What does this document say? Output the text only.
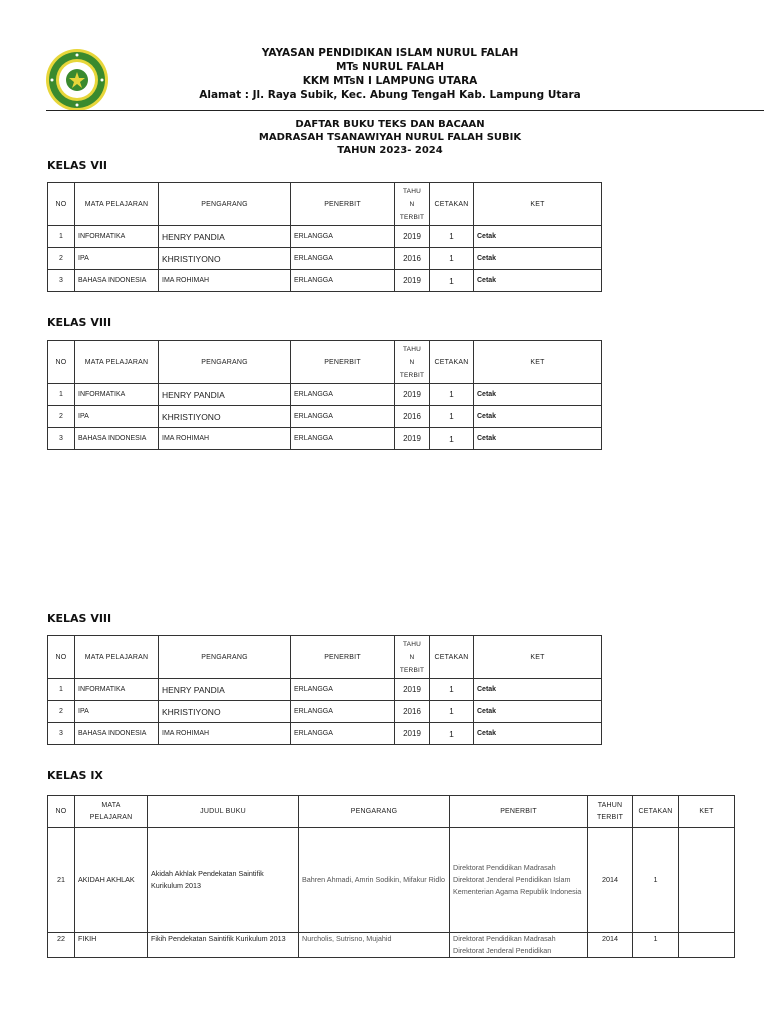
YAYASAN PENDIDIKAN ISLAM NURUL FALAH
MTs NURUL FALAH
KKM MTsN I LAMPUNG UTARA
Alamat : Jl. Raya Subik, Kec. Abung TengaH Kab. Lampung Utara
DAFTAR BUKU TEKS DAN BACAAN
MADRASAH TSANAWIYAH NURUL FALAH SUBIK
TAHUN 2023- 2024
KELAS VII
NO	MATA PELAJARAN	PENGARANG	PENERBIT	TAHU
N
TERBIT	CETAKAN	KET
1	INFORMATIKA	HENRY PANDIA	ERLANGGA	2019	1	Cetak
2	IPA	KHRISTIYONO	ERLANGGA	2016	1	Cetak
3	BAHASA INDONESIA	IMA ROHIMAH	ERLANGGA	2019	1	Cetak
KELAS VIII
NO	MATA PELAJARAN	PENGARANG	PENERBIT	TAHU
N
TERBIT	CETAKAN	KET
1	INFORMATIKA	HENRY PANDIA	ERLANGGA	2019	1	Cetak
2	IPA	KHRISTIYONO	ERLANGGA	2016	1	Cetak
3	BAHASA INDONESIA	IMA ROHIMAH	ERLANGGA	2019	1	Cetak
KELAS VIII
NO	MATA PELAJARAN	PENGARANG	PENERBIT	TAHU
N
TERBIT	CETAKAN	KET
1	INFORMATIKA	HENRY PANDIA	ERLANGGA	2019	1	Cetak
2	IPA	KHRISTIYONO	ERLANGGA	2016	1	Cetak
3	BAHASA INDONESIA	IMA ROHIMAH	ERLANGGA	2019	1	Cetak
KELAS IX
NO	MATA
PELAJARAN	JUDUL BUKU	PENGARANG	PENERBIT	TAHUN
TERBIT	CETAKAN	KET
21	AKIDAH AKHLAK	Akidah Akhlak Pendekatan Saintifik Kurikulum 2013	Bahren Ahmadi, Amrin Sodikin, Mifakur Ridlo	Direktorat Pendidikan Madrasah Direktorat Jenderal Pendidikan Islam Kementerian Agama Republik Indonesia	2014	1	
22	FIKIH	Fikih Pendekatan Saintifik Kurikulum 2013	Nurcholis, Sutrisno, Mujahid	Direktorat Pendidikan Madrasah Direktorat Jenderal Pendidikan	2014	1	
